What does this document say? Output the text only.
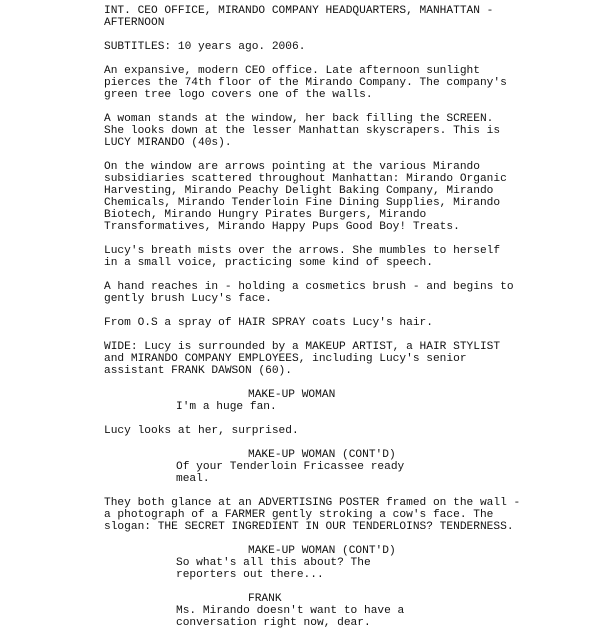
INT. CEO OFFICE, MIRANDO COMPANY HEADQUARTERS, MANHATTAN -
AFTERNOON
SUBTITLES: 10 years ago. 2006.
An expansive, modern CEO office. Late afternoon sunlight
pierces the 74th floor of the Mirando Company. The company's
green tree logo covers one of the walls.
A woman stands at the window, her back filling the SCREEN.
She looks down at the lesser Manhattan skyscrapers. This is
LUCY MIRANDO (40s).
On the window are arrows pointing at the various Mirando
subsidiaries scattered throughout Manhattan: Mirando Organic
Harvesting, Mirando Peachy Delight Baking Company, Mirando
Chemicals, Mirando Tenderloin Fine Dining Supplies, Mirando
Biotech, Mirando Hungry Pirates Burgers, Mirando
Transformatives, Mirando Happy Pups Good Boy! Treats.
Lucy's breath mists over the arrows. She mumbles to herself
in a small voice, practicing some kind of speech.
A hand reaches in - holding a cosmetics brush - and begins to
gently brush Lucy's face.
From O.S a spray of HAIR SPRAY coats Lucy's hair.
WIDE: Lucy is surrounded by a MAKEUP ARTIST, a HAIR STYLIST
and MIRANDO COMPANY EMPLOYEES, including Lucy's senior
assistant FRANK DAWSON (60).
MAKE-UP WOMAN
I'm a huge fan.
Lucy looks at her, surprised.
MAKE-UP WOMAN (CONT'D)
Of your Tenderloin Fricassee ready
meal.
They both glance at an ADVERTISING POSTER framed on the wall -
a photograph of a FARMER gently stroking a cow's face. The
slogan: THE SECRET INGREDIENT IN OUR TENDERLOINS? TENDERNESS.
MAKE-UP WOMAN (CONT'D)
So what's all this about? The
reporters out there...
FRANK
Ms. Mirando doesn't want to have a
conversation right now, dear.
